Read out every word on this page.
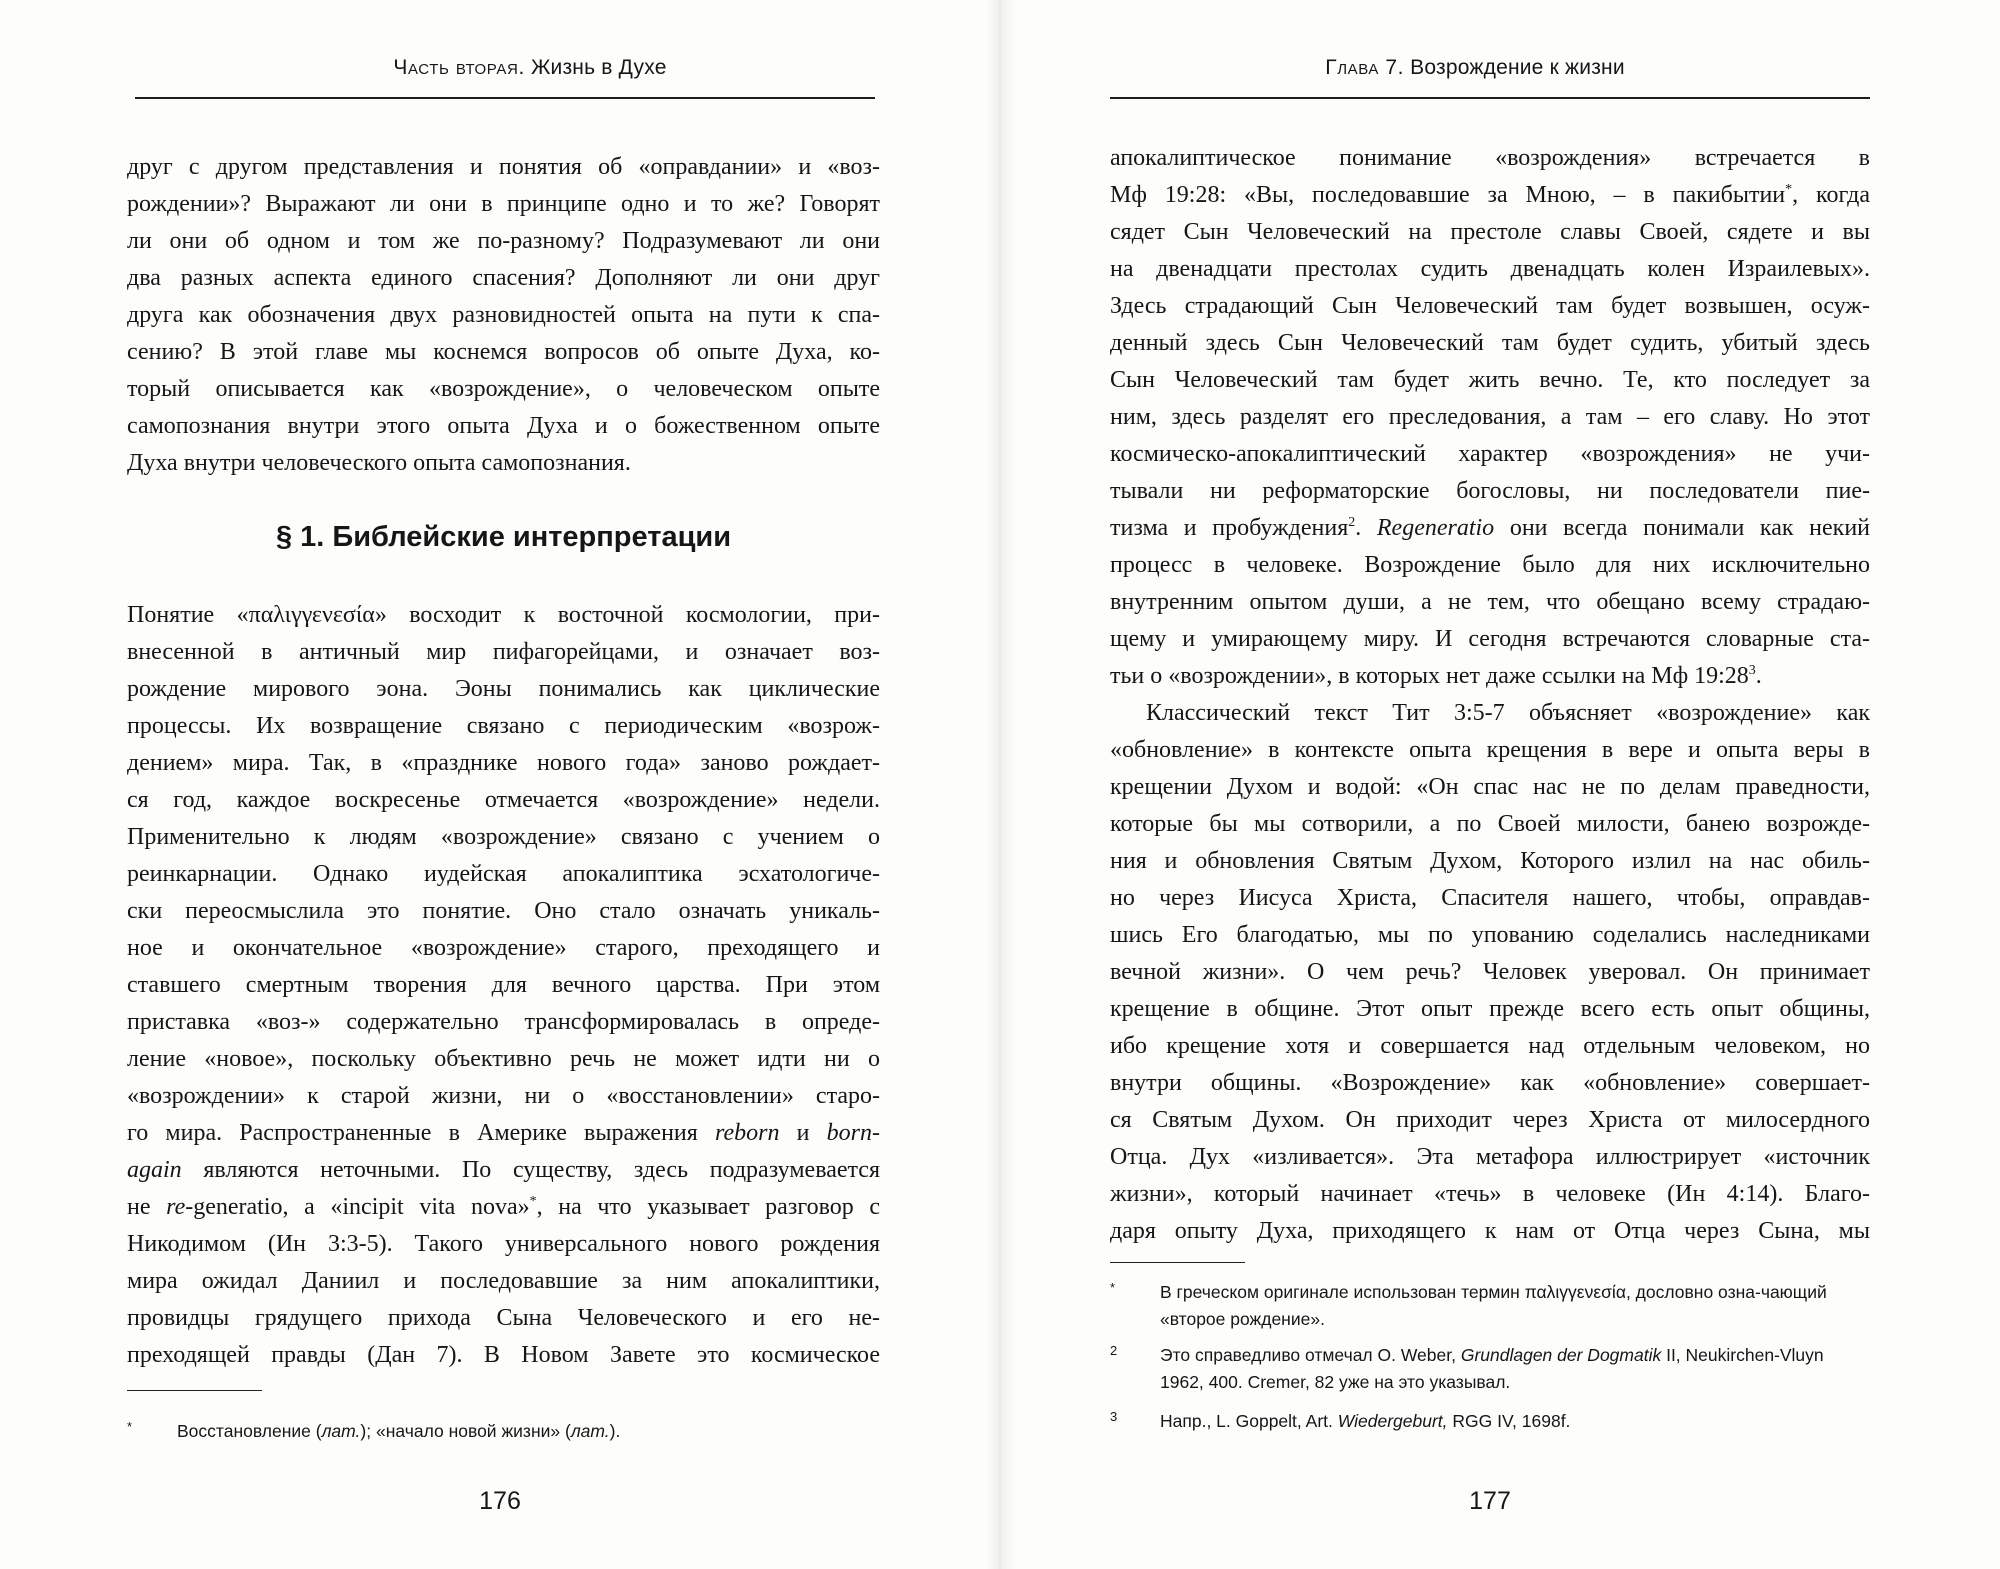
Часть вторая. Жизнь в Духе

друг с другом представления и понятия об «оправдании» и «воз-

рождении»? Выражают ли они в принципе одно и то же? Говорят

ли они об одном и том же по-разному? Подразумевают ли они

два разных аспекта единого спасения? Дополняют ли они друг

друга как обозначения двух разновидностей опыта на пути к спа-

сению? В этой главе мы коснемся вопросов об опыте Духа, ко-

торый описывается как «возрождение», о человеческом опыте

самопознания внутри этого опыта Духа и о божественном опыте

Духа внутри человеческого опыта самопознания.

§ 1. Библейские интерпретации

Понятие «παλιγγενεσία» восходит к восточной космологии, при-

внесенной в античный мир пифагорейцами, и означает воз-

рождение мирового эона. Эоны понимались как циклические

процессы. Их возвращение связано с периодическим «возрож-

дением» мира. Так, в «празднике нового года» заново рождает-

ся год, каждое воскресенье отмечается «возрождение» недели.

Применительно к людям «возрождение» связано с учением о

реинкарнации. Однако иудейская апокалиптика эсхатологиче-

ски переосмыслила это понятие. Оно стало означать уникаль-

ное и окончательное «возрождение» старого, преходящего и

ставшего смертным творения для вечного царства. При этом

приставка «воз-» содержательно трансформировалась в опреде-

ление «новое», поскольку объективно речь не может идти ни о

«возрождении» к старой жизни, ни о «восстановлении» старо-

го мира. Распространенные в Америке выражения reborn и born-

again являются неточными. По существу, здесь подразумевается

не re-generatio, a «incipit vita nova»*, на что указывает разговор с

Никодимом (Ин 3:3-5). Такого универсального нового рождения

мира ожидал Даниил и последовавшие за ним апокалиптики,

провидцы грядущего прихода Сына Человеческого и его не-

преходящей правды (Дан 7). В Новом Завете это космическое

*	Восстановление (лат.); «начало новой жизни» (лат.).
176
Глава 7. Возрождение к жизни

апокалиптическое понимание «возрождения» встречается в

Мф 19:28: «Вы, последовавшие за Мною, – в пакибытии*, когда

сядет Сын Человеческий на престоле славы Своей, сядете и вы

на двенадцати престолах судить двенадцать колен Израилевых».

Здесь страдающий Сын Человеческий там будет возвышен, осуж-

денный здесь Сын Человеческий там будет судить, убитый здесь

Сын Человеческий там будет жить вечно. Те, кто последует за

ним, здесь разделят его преследования, а там – его славу. Но этот

космическо-апокалиптический характер «возрождения» не учи-

тывали ни реформаторские богословы, ни последователи пие-

тизма и пробуждения$^2$. Regeneratio они всегда понимали как некий

процесс в человеке. Возрождение было для них исключительно

внутренним опытом души, а не тем, что обещано всему страдаю-

щему и умирающему миру. И сегодня встречаются словарные ста-

тьи о «возрождении», в которых нет даже ссылки на Мф $19:28^3$.

Классический текст Тит 3:5-7 объясняет «возрождение» как

«обновление» в контексте опыта крещения в вере и опыта веры в

крещении Духом и водой: «Он спас нас не по делам праведности,

которые бы мы сотворили, а по Своей милости, банею возрожде-

ния и обновления Святым Духом, Которого излил на нас обиль-

но через Иисуса Христа, Спасителя нашего, чтобы, оправдав-

шись Его благодатью, мы по упованию соделались наследниками

вечной жизни». О чем речь? Человек уверовал. Он принимает

крещение в общине. Этот опыт прежде всего есть опыт общины,

ибо крещение хотя и совершается над отдельным человеком, но

внутри общины. «Возрождение» как «обновление» совершает-

ся Святым Духом. Он приходит через Христа от милосердного

Отца. Дух «изливается». Эта метафора иллюстрирует «источник

жизни», который начинает «течь» в человеке (Ин 4:14). Благо-

даря опыту Духа, приходящего к нам от Отца через Сына, мы

*	В греческом оригинале использован термин παλιγγενεσία, дословно озна-чающий «второе рождение».
2	Это справедливо отмечал O. Weber, Grundlagen der Dogmatik II, Neukirchen-Vluyn 1962, 400. Cremer, 82 уже на это указывал.
3	Напр., L. Goppelt, Art. Wiedergeburt, RGG IV, 1698f.
177
